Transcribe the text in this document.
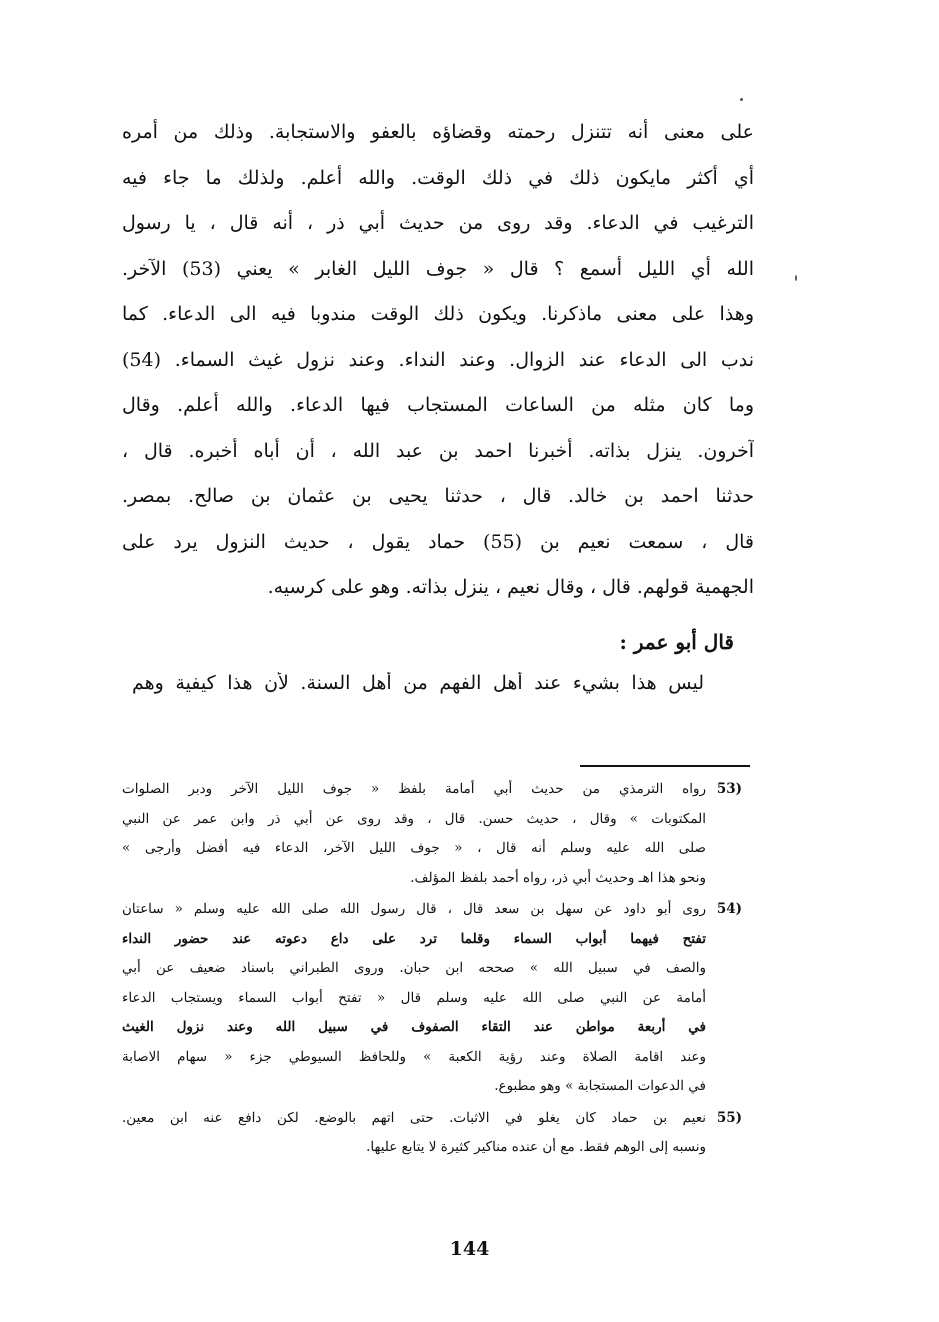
على معنى أنه تتنزل رحمته وقضاؤه بالعفو والاستجابة. وذلك من أمره
أي أكثر مايكون ذلك في ذلك الوقت. والله أعلم. ولذلك ما جاء فيه
الترغيب في الدعاء. وقد روى من حديث أبي ذر ، أنه قال ، يا رسول
الله أي الليل أسمع ؟ قال « جوف الليل الغابر » يعني (53) الآخر.
وهذا على معنى ماذكرنا. ويكون ذلك الوقت مندوبا فيه الى الدعاء. كما
ندب الى الدعاء عند الزوال. وعند النداء. وعند نزول غيث السماء. (54)
وما كان مثله من الساعات المستجاب فيها الدعاء. والله أعلم. وقال
آخرون. ينزل بذاته. أخبرنا احمد بن عبد الله ، أن أباه أخبره. قال ،
حدثنا احمد بن خالد. قال ، حدثنا يحيى بن عثمان بن صالح. بمصر.
قال ، سمعت نعيم بن (55) حماد يقول ، حديث النزول يرد على
الجهمية قولهم. قال ، وقال نعيم ، ينزل بذاته. وهو على كرسيه.
قال أبو عمر :
ليس هذا بشيء عند أهل الفهم من أهل السنة. لأن هذا كيفية وهم
(53
رواه الترمذي من حديث أبي أمامة بلفظ « جوف الليل الآخر ودبر الصلوات
المكتوبات » وقال ، حديث حسن. قال ، وقد روى عن أبي ذر وابن عمر عن النبي
صلى الله عليه وسلم أنه قال ، « جوف الليل الآخر، الدعاء فيه أفضل وأرجى »
ونحو هذا اهـ وحديث أبي ذر، رواه أحمد بلفظ المؤلف.
(54
روى أبو داود عن سهل بن سعد قال ، قال رسول الله صلى الله عليه وسلم « ساعتان
تفتح فيهما أبواب السماء وقلما ترد على داع دعوته عند حضور النداء
والصف في سبيل الله » صححه ابن حبان. وروى الطبراني باسناد ضعيف عن أبي
أمامة عن النبي صلى الله عليه وسلم قال « تفتح أبواب السماء ويستجاب الدعاء
في أربعة مواطن عند التقاء الصفوف في سبيل الله وعند نزول الغيث
وعند اقامة الصلاة وعند رؤية الكعبة » وللحافظ السيوطي جزء « سهام الاصابة
في الدعوات المستجابة » وهو مطبوع.
(55
نعيم بن حماد كان يغلو في الاثبات. حتى اتهم بالوضع. لكن دافع عنه ابن معين.
ونسبه إلى الوهم فقط. مع أن عنده مناكير كثيرة لا يتابع عليها.
144
